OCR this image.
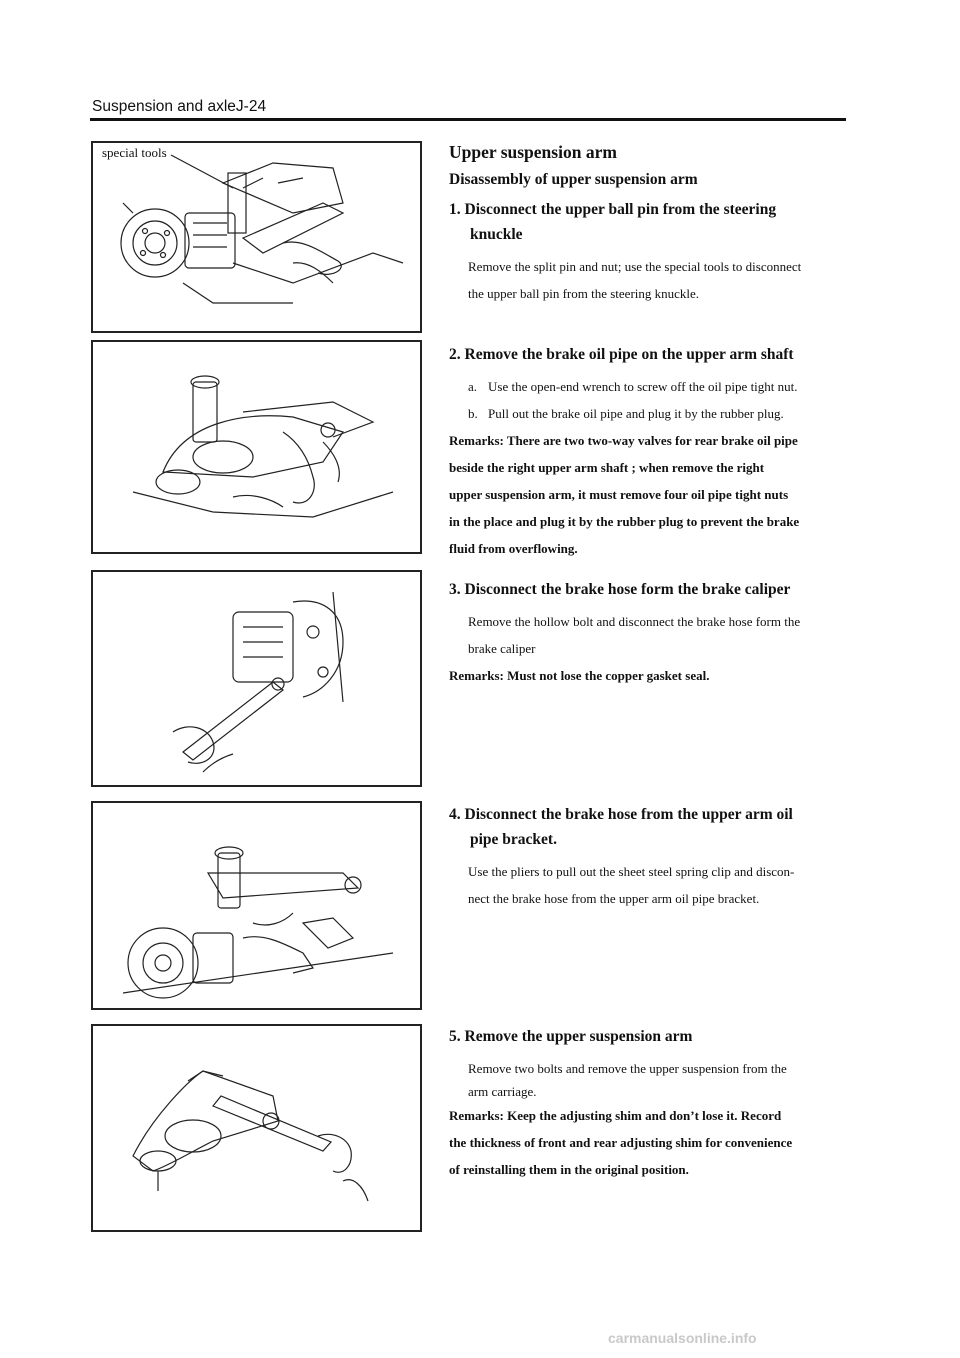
Suspension and axleJ-24
special tools	Upper suspension arm

Disassembly of upper suspension arm

1. Disconnect the upper ball pin from the steering
knuckle

Remove the split pin and nut; use the special tools to disconnect

the upper ball pin from the steering knuckle.

2. Remove the brake oil pipe on the upper arm shaft

a. Use the open-end wrench to screw off the oil pipe tight nut.

b. Pull out the brake oil pipe and plug it by the rubber plug.

Remarks: There are two two-way valves for rear brake oil pipe

beside the right upper arm shaft ; when remove the right

upper suspension arm, it must remove four oil pipe tight nuts

in the place and plug it by the rubber plug to prevent the brake

fluid from overflowing.

3. Disconnect the brake hose form the brake caliper

Remove the hollow bolt and disconnect the brake hose form the

brake caliper

Remarks: Must not lose the copper gasket seal.

4. Disconnect the brake hose from the upper arm oil
pipe bracket.

Use the pliers to pull out the sheet steel spring clip and discon-

nect the brake hose from the upper arm oil pipe bracket.

5. Remove the upper suspension arm

Remove two bolts and remove the upper suspension from the

arm carriage.

Remarks: Keep the adjusting shim and don’t lose it. Record

the thickness of front and rear adjusting shim for convenience

of reinstalling them in the original position.

carmanualsonline.info
